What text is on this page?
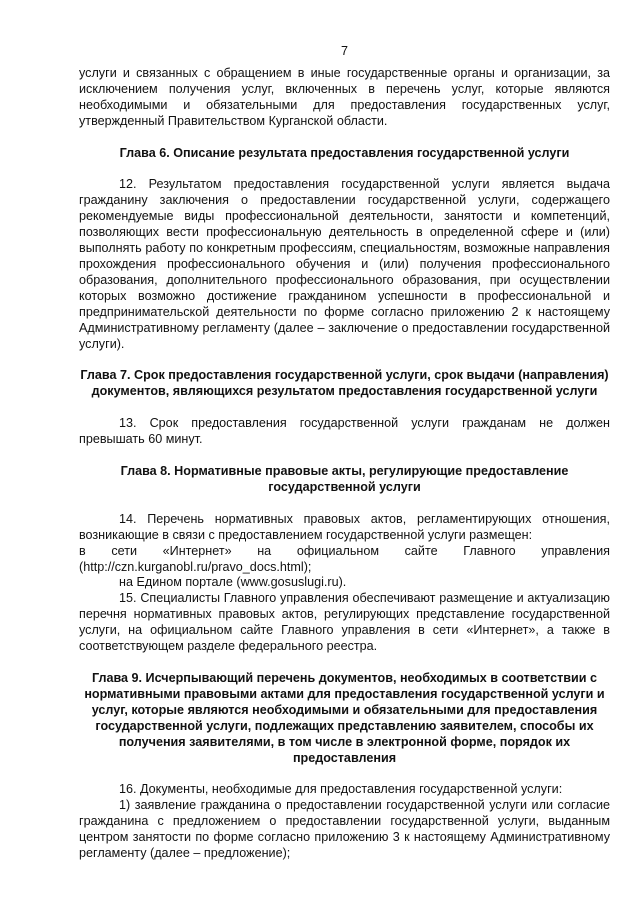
7

услуги и связанных с обращением в иные государственные органы и организации, за исключением получения услуг, включенных в перечень услуг, которые являются необходимыми и обязательными для предоставления государственных услуг, утвержденный Правительством Курганской области.

Глава 6. Описание результата предоставления государственной услуги

12. Результатом предоставления государственной услуги является выдача гражданину заключения о предоставлении государственной услуги, содержащего рекомендуемые виды профессиональной деятельности, занятости и компетенций, позволяющих вести профессиональную деятельность в определенной сфере и (или) выполнять работу по конкретным профессиям, специальностям, возможные направления прохождения профессионального обучения и (или) получения профессионального образования, дополнительного профессионального образования, при осуществлении которых возможно достижение гражданином успешности в профессиональной и предпринимательской деятельности по форме согласно приложению 2 к настоящему Административному регламенту (далее – заключение о предоставлении государственной услуги).

Глава 7. Срок предоставления государственной услуги, срок выдачи (направления) документов, являющихся результатом предоставления государственной услуги

13. Срок предоставления государственной услуги гражданам не должен превышать 60 минут.

Глава 8. Нормативные правовые акты, регулирующие предоставление государственной услуги

14. Перечень нормативных правовых актов, регламентирующих отношения, возникающие в связи с предоставлением государственной услуги размещен:

в сети «Интернет» на официальном сайте Главного управления (http://czn.kurganobl.ru/pravo_docs.html);

на Едином портале (www.gosuslugi.ru).

15. Специалисты Главного управления обеспечивают размещение и актуализацию перечня нормативных правовых актов, регулирующих представление государственной услуги, на официальном сайте Главного управления в сети «Интернет», а также в соответствующем разделе федерального реестра.

Глава 9. Исчерпывающий перечень документов, необходимых в соответствии с нормативными правовыми актами для предоставления государственной услуги и услуг, которые являются необходимыми и обязательными для предоставления государственной услуги, подлежащих представлению заявителем, способы их получения заявителями, в том числе в электронной форме, порядок их предоставления

16. Документы, необходимые для предоставления государственной услуги:

1) заявление гражданина о предоставлении государственной услуги или согласие гражданина с предложением о предоставлении государственной услуги, выданным центром занятости по форме согласно приложению 3 к настоящему Административному регламенту (далее – предложение);
